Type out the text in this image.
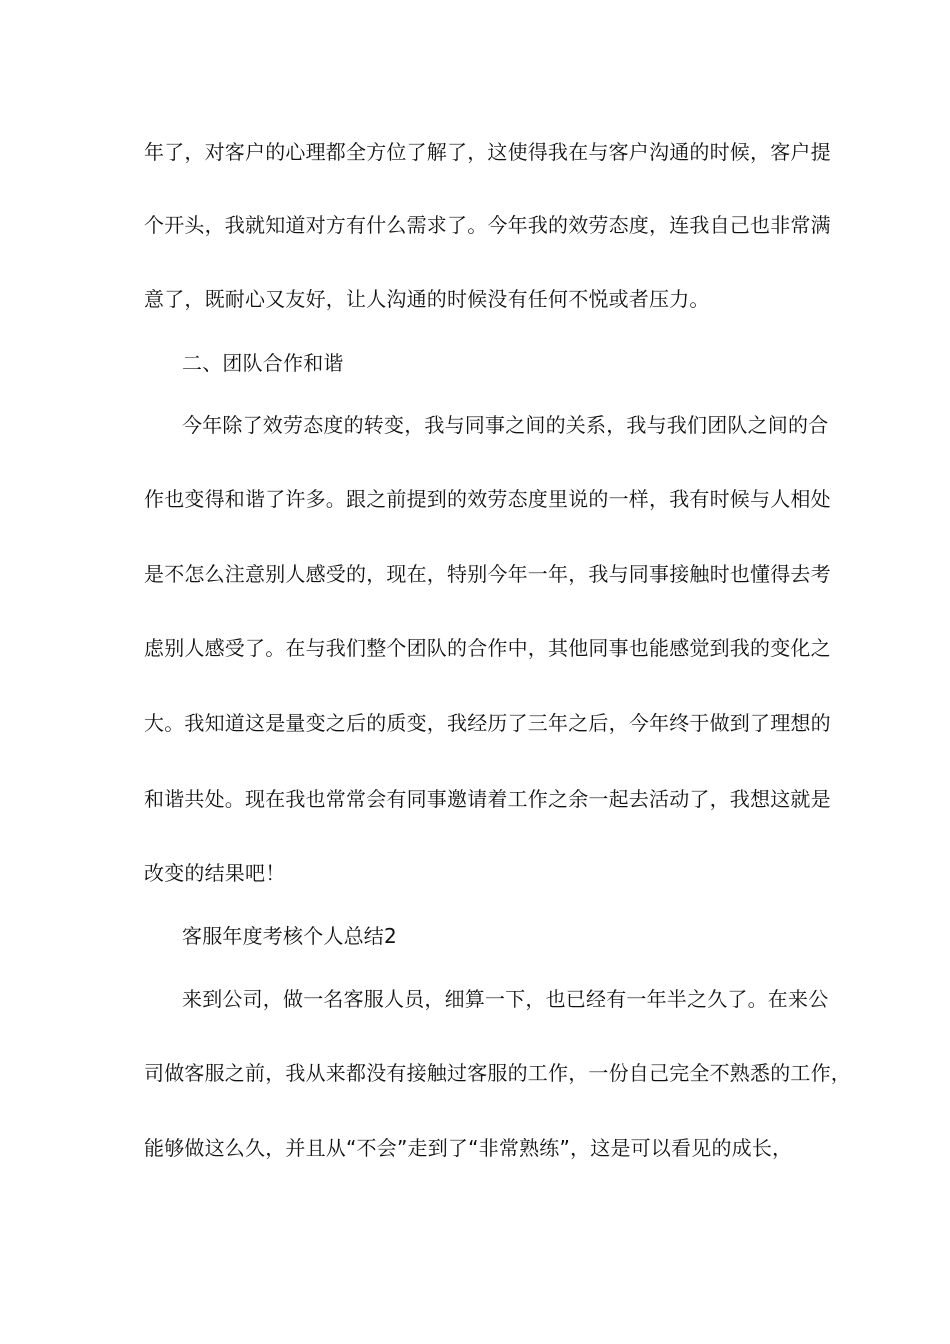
年了，对客户的心理都全方位了解了，这使得我在与客户沟通的时候，客户提
个开头，我就知道对方有什么需求了。今年我的效劳态度，连我自己也非常满
意了，既耐心又友好，让人沟通的时候没有任何不悦或者压力。
二、团队合作和谐
今年除了效劳态度的转变，我与同事之间的关系，我与我们团队之间的合
作也变得和谐了许多。跟之前提到的效劳态度里说的一样，我有时候与人相处
是不怎么注意别人感受的，现在，特别今年一年，我与同事接触时也懂得去考
虑别人感受了。在与我们整个团队的合作中，其他同事也能感觉到我的变化之
大。我知道这是量变之后的质变，我经历了三年之后，今年终于做到了理想的
和谐共处。现在我也常常会有同事邀请着工作之余一起去活动了，我想这就是
改变的结果吧！
客服年度考核个人总结2
来到公司，做一名客服人员，细算一下，也已经有一年半之久了。在来公
司做客服之前，我从来都没有接触过客服的工作，一份自己完全不熟悉的工作，
能够做这么久，并且从“不会”走到了“非常熟练”，这是可以看见的成长，
